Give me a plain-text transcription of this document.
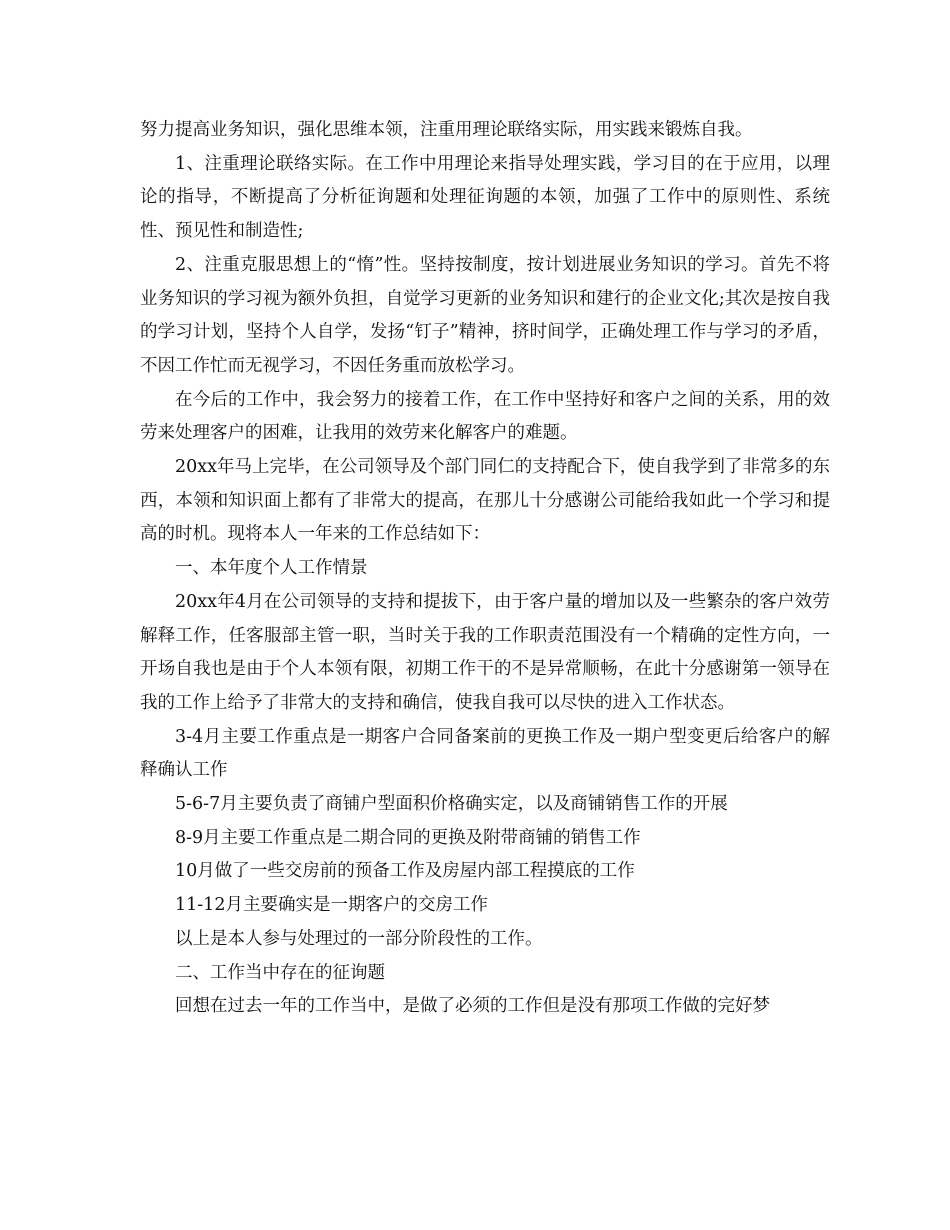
努力提高业务知识，强化思维本领，注重用理论联络实际，用实践来锻炼自我。

1、注重理论联络实际。在工作中用理论来指导处理实践，学习目的在于应用，以理论的指导，不断提高了分析征询题和处理征询题的本领，加强了工作中的原则性、系统性、预见性和制造性;

2、注重克服思想上的“惰”性。坚持按制度，按计划进展业务知识的学习。首先不将业务知识的学习视为额外负担，自觉学习更新的业务知识和建行的企业文化;其次是按自我的学习计划，坚持个人自学，发扬“钉子”精神，挤时间学，正确处理工作与学习的矛盾，不因工作忙而无视学习，不因任务重而放松学习。

在今后的工作中，我会努力的接着工作，在工作中坚持好和客户之间的关系，用的效劳来处理客户的困难，让我用的效劳来化解客户的难题。

20xx年马上完毕，在公司领导及个部门同仁的支持配合下，使自我学到了非常多的东西，本领和知识面上都有了非常大的提高，在那儿十分感谢公司能给我如此一个学习和提高的时机。现将本人一年来的工作总结如下：

一、本年度个人工作情景

20xx年4月在公司领导的支持和提拔下，由于客户量的增加以及一些繁杂的客户效劳解释工作，任客服部主管一职，当时关于我的工作职责范围没有一个精确的定性方向，一开场自我也是由于个人本领有限，初期工作干的不是异常顺畅，在此十分感谢第一领导在我的工作上给予了非常大的支持和确信，使我自我可以尽快的进入工作状态。

3-4月主要工作重点是一期客户合同备案前的更换工作及一期户型变更后给客户的解释确认工作

5-6-7月主要负责了商铺户型面积价格确实定，以及商铺销售工作的开展

8-9月主要工作重点是二期合同的更换及附带商铺的销售工作

10月做了一些交房前的预备工作及房屋内部工程摸底的工作

11-12月主要确实是一期客户的交房工作

以上是本人参与处理过的一部分阶段性的工作。

二、工作当中存在的征询题

回想在过去一年的工作当中，是做了必须的工作但是没有那项工作做的完好梦
